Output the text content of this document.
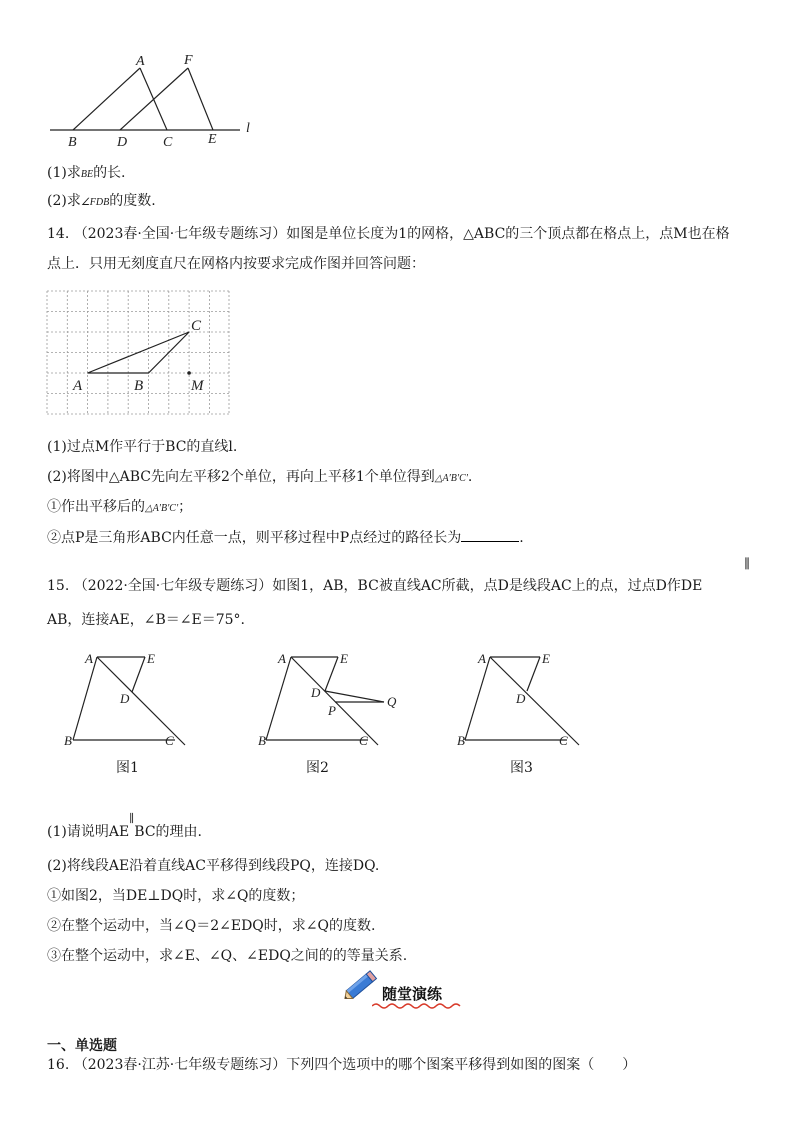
A	F
B	D	C	E
l
(1)求BE的长.
(2)求∠FDB的度数.
14. （2023春·全国·七年级专题练习）如图是单位长度为1的网格，△ABC的三个顶点都在格点上，点M也在格
点上．只用无刻度直尺在网格内按要求完成作图并回答问题：
A	B
C
M
(1)过点M作平行于BC的直线l.
(2)将图中△ABC先向左平移2个单位，再向上平移1个单位得到△A′B′C′.
①作出平移后的△A′B′C′；
②点P是三角形ABC内任意一点，则平移过程中P点经过的路径长为	.
15. （2022·全国·七年级专题练习）如图1，AB，BC被直线AC所截，点D是线段AC上的点，过点D作DE
∥
AB，连接AE，∠B＝∠E＝75°.
A	E
D
B	C
图1
A	E
D
P
Q
B	C
图2
A	E
D
B	C
图3
(1)请说明AE∥BC的理由.
(2)将线段AE沿着直线AC平移得到线段PQ，连接DQ.
①如图2，当DE⊥DQ时，求∠Q的度数；
②在整个运动中，当∠Q＝2∠EDQ时，求∠Q的度数.
③在整个运动中，求∠E、∠Q、∠EDQ之间的的等量关系.
随堂演练
一、单选题
16. （2023春·江苏·七年级专题练习）下列四个选项中的哪个图案平移得到如图的图案（　　）
